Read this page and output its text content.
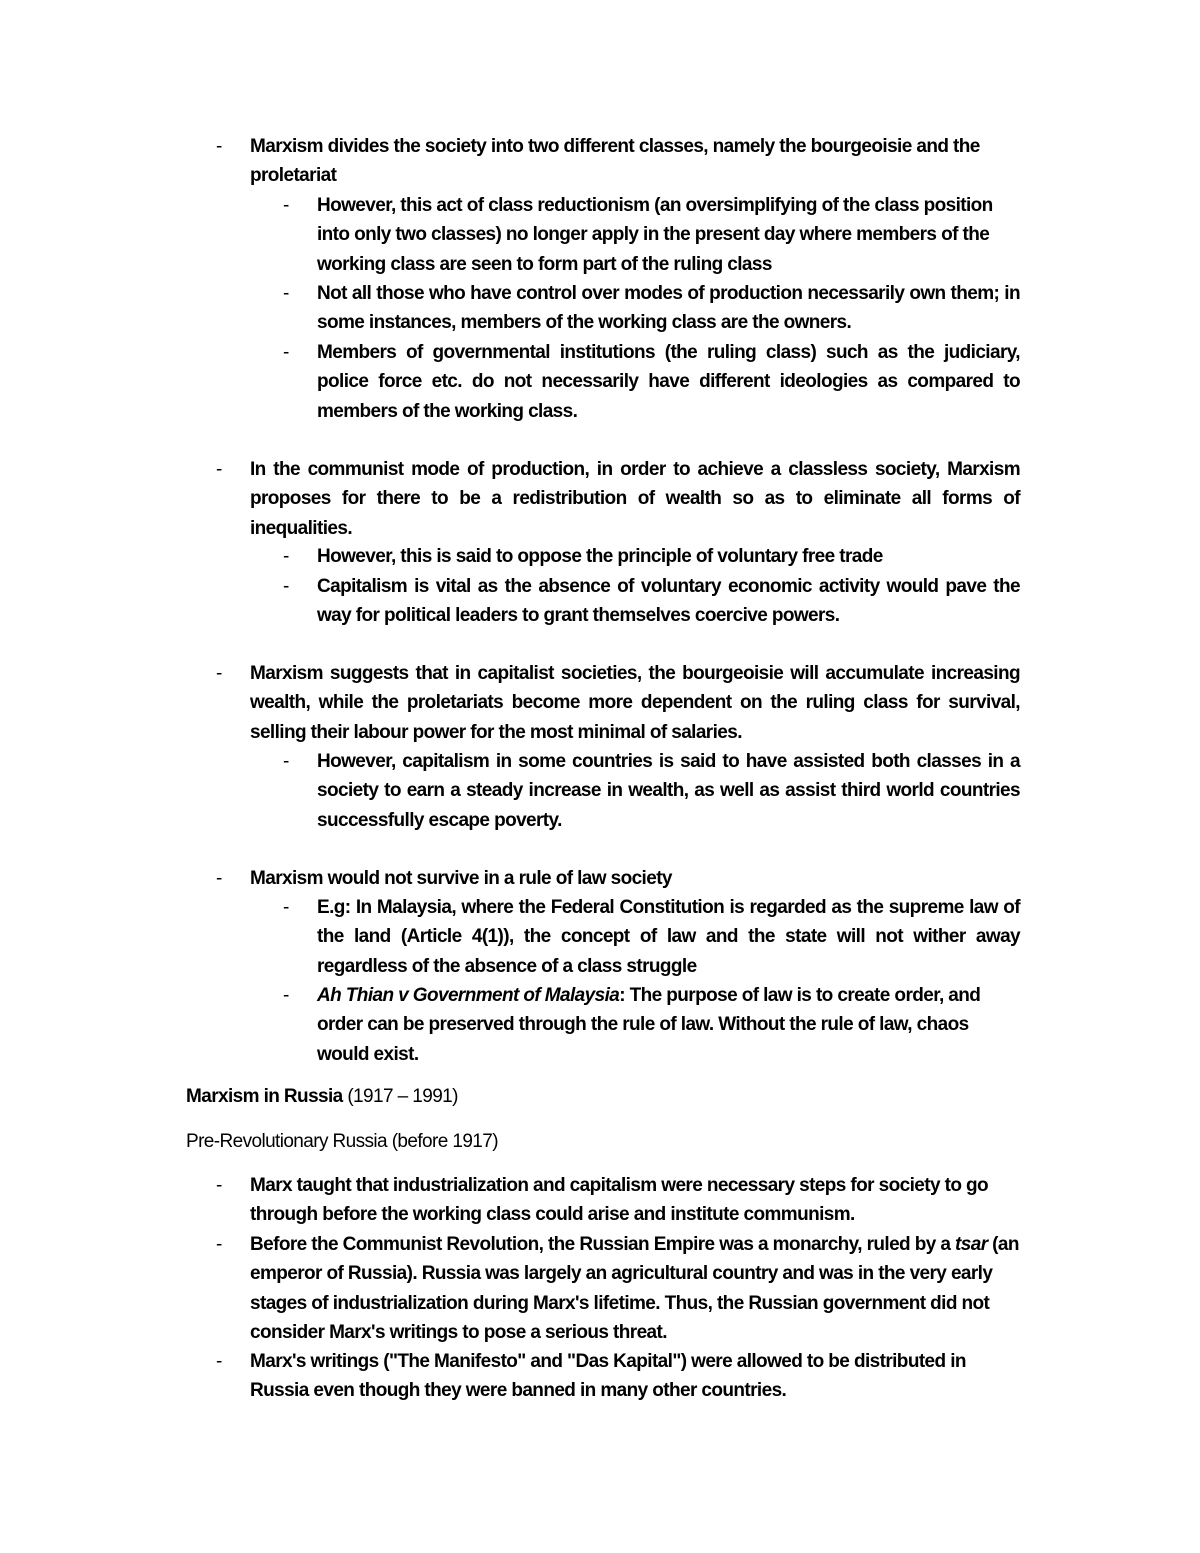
- Marxism divides the society into two different classes, namely the bourgeoisie and the proletariat
- However, this act of class reductionism (an oversimplifying of the class position into only two classes) no longer apply in the present day where members of the working class are seen to form part of the ruling class
- Not all those who have control over modes of production necessarily own them; in some instances, members of the working class are the owners.
- Members of governmental institutions (the ruling class) such as the judiciary, police force etc. do not necessarily have different ideologies as compared to members of the working class.
- In the communist mode of production, in order to achieve a classless society, Marxism proposes for there to be a redistribution of wealth so as to eliminate all forms of inequalities.
- However, this is said to oppose the principle of voluntary free trade
- Capitalism is vital as the absence of voluntary economic activity would pave the way for political leaders to grant themselves coercive powers.
- Marxism suggests that in capitalist societies, the bourgeoisie will accumulate increasing wealth, while the proletariats become more dependent on the ruling class for survival, selling their labour power for the most minimal of salaries.
- However, capitalism in some countries is said to have assisted both classes in a society to earn a steady increase in wealth, as well as assist third world countries successfully escape poverty.
- Marxism would not survive in a rule of law society
- E.g: In Malaysia, where the Federal Constitution is regarded as the supreme law of the land (Article 4(1)), the concept of law and the state will not wither away regardless of the absence of a class struggle
- Ah Thian v Government of Malaysia: The purpose of law is to create order, and order can be preserved through the rule of law. Without the rule of law, chaos would exist.
Marxism in Russia (1917 – 1991)
Pre-Revolutionary Russia (before 1917)
- Marx taught that industrialization and capitalism were necessary steps for society to go through before the working class could arise and institute communism.
- Before the Communist Revolution, the Russian Empire was a monarchy, ruled by a tsar (an emperor of Russia). Russia was largely an agricultural country and was in the very early stages of industrialization during Marx's lifetime. Thus, the Russian government did not consider Marx's writings to pose a serious threat.
- Marx's writings ("The Manifesto" and "Das Kapital") were allowed to be distributed in Russia even though they were banned in many other countries.
